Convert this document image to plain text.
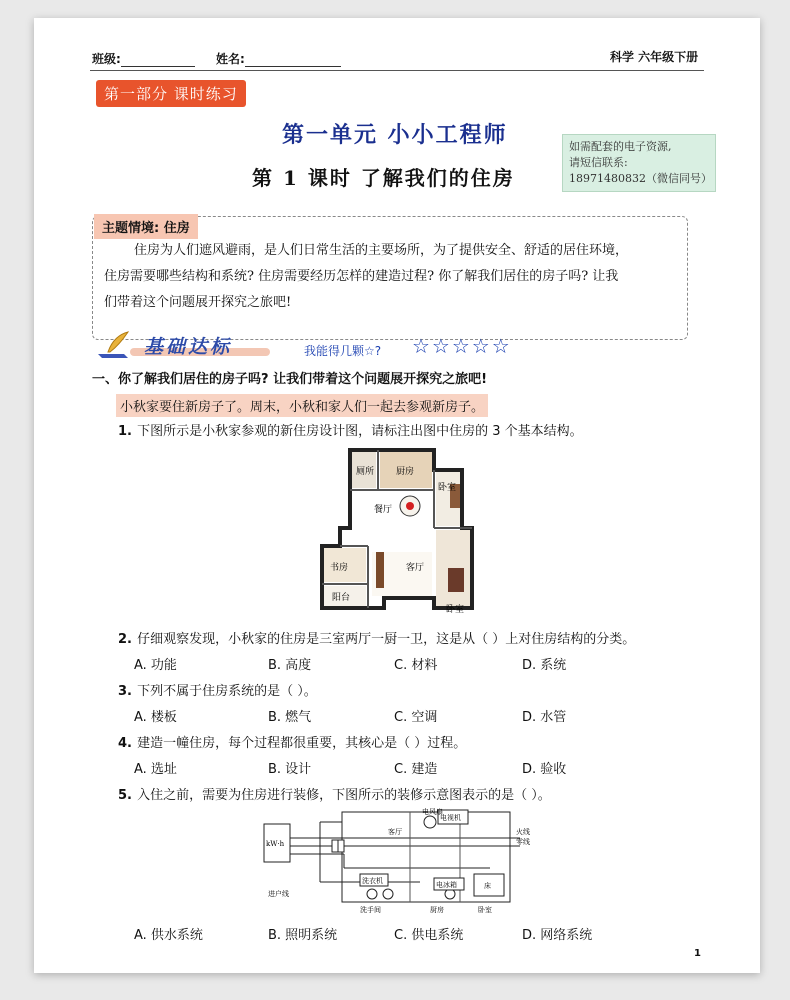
班级:	姓名:	科学 六年级下册
第一部分 课时练习
第一单元 小小工程师
第 1 课时 了解我们的住房
如需配套的电子资源,
请短信联系:
18971480832（微信同号）
主题情境: 住房
住房为人们遮风避雨，是人们日常生活的主要场所，为了提供安全、舒适的居住环境，
住房需要哪些结构和系统? 住房需要经历怎样的建造过程? 你了解我们居住的房子吗? 让我
们带着这个问题展开探究之旅吧!
基础达标	我能得几颗☆? ☆☆☆☆☆
一、你了解我们居住的房子吗? 让我们带着这个问题展开探究之旅吧!
小秋家要住新房子了。周末，小秋和家人们一起去参观新房子。
1. 下图所示是小秋家参观的新住房设计图，请标注出图中住房的 3 个基本结构。
厕所 厨房
卧室
餐厅
书房	客厅
阳台
卧室
2. 仔细观察发现，小秋家的住房是三室两厅一厨一卫，这是从（ ）上对住房结构的分类。
A. 功能	B. 高度	C. 材料	D. 系统
3. 下列不属于住房系统的是（ ）。
A. 楼板	B. 燃气	C. 空调	D. 水管
4. 建造一幢住房，每个过程都很重要，其核心是（ ）过程。
A. 选址	B. 设计	C. 建造	D. 验收
5. 入住之前，需要为住房进行装修，下图所示的装修示意图表示的是（ ）。
kW·h
客厅
电风扇
电视机
火线
零线
洗衣机	电冰箱	床
进户线
洗手间	厨房	卧室
A. 供水系统	B. 照明系统	C. 供电系统	D. 网络系统
1
